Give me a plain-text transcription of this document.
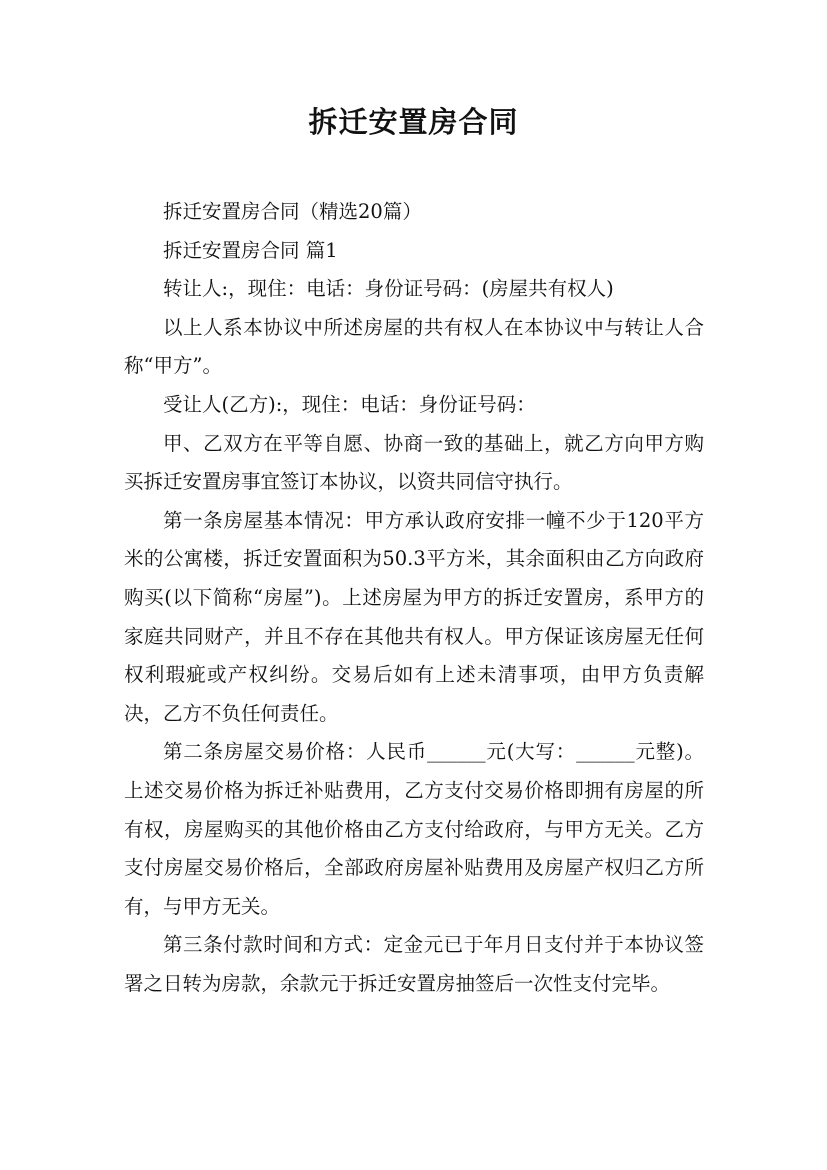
拆迁安置房合同

拆迁安置房合同（精选20篇）

拆迁安置房合同 篇1

转让人:，现住：电话：身份证号码：(房屋共有权人)

以上人系本协议中所述房屋的共有权人在本协议中与转让人合称“甲方”。

受让人(乙方):，现住：电话：身份证号码：

甲、乙双方在平等自愿、协商一致的基础上，就乙方向甲方购买拆迁安置房事宜签订本协议，以资共同信守执行。

第一条房屋基本情况：甲方承认政府安排一幢不少于120平方米的公寓楼，拆迁安置面积为50.3平方米，其余面积由乙方向政府购买(以下简称“房屋”)。上述房屋为甲方的拆迁安置房，系甲方的家庭共同财产，并且不存在其他共有权人。甲方保证该房屋无任何权利瑕疵或产权纠纷。交易后如有上述未清事项，由甲方负责解决，乙方不负任何责任。

第二条房屋交易价格：人民币______元(大写：______元整)。上述交易价格为拆迁补贴费用，乙方支付交易价格即拥有房屋的所有权，房屋购买的其他价格由乙方支付给政府，与甲方无关。乙方支付房屋交易价格后，全部政府房屋补贴费用及房屋产权归乙方所有，与甲方无关。

第三条付款时间和方式：定金元已于年月日支付并于本协议签署之日转为房款，余款元于拆迁安置房抽签后一次性支付完毕。
